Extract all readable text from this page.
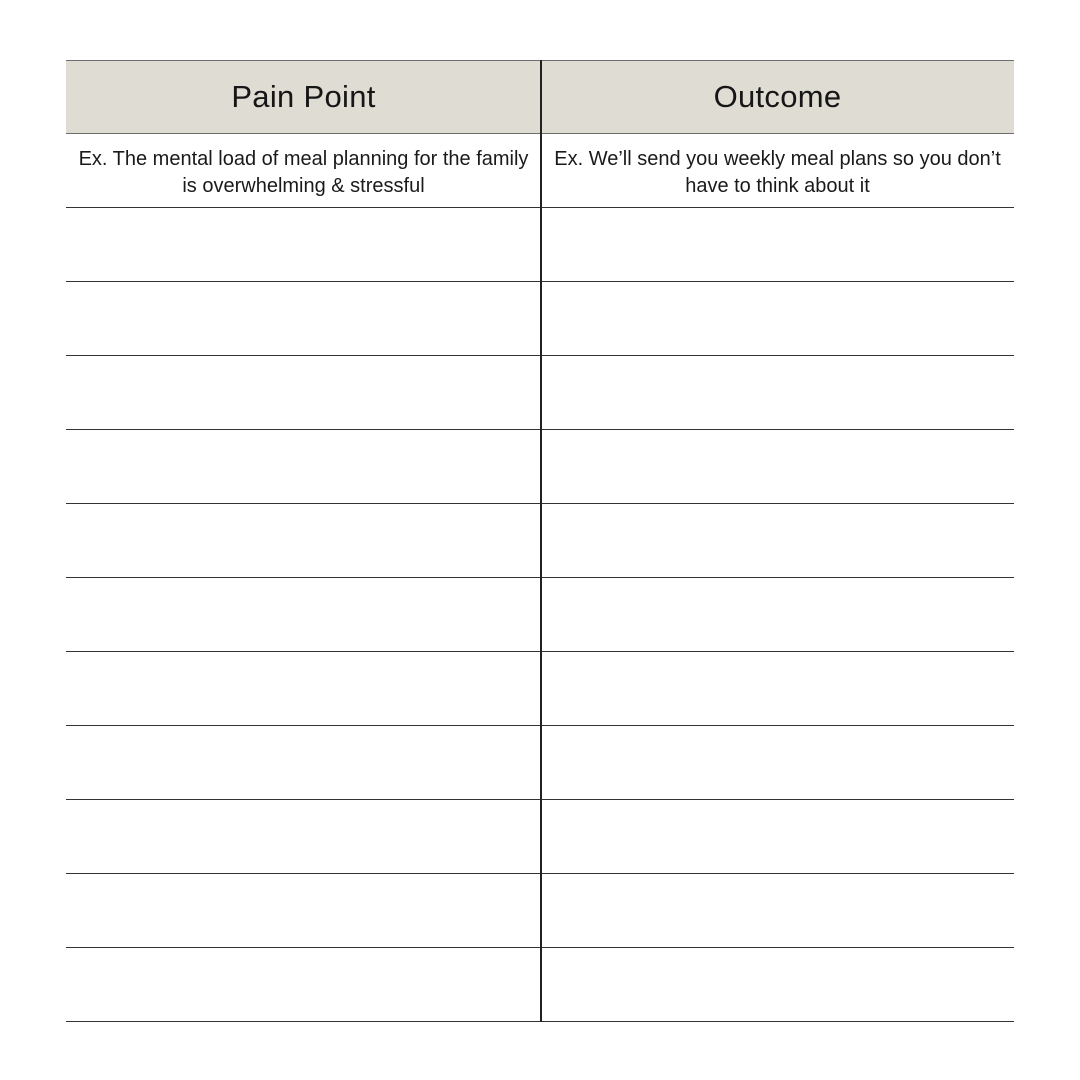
Pain Point	Outcome
Ex. The mental load of meal planning for the family is overwhelming & stressful
Ex. We’ll send you weekly meal plans so you don’t have to think about it
